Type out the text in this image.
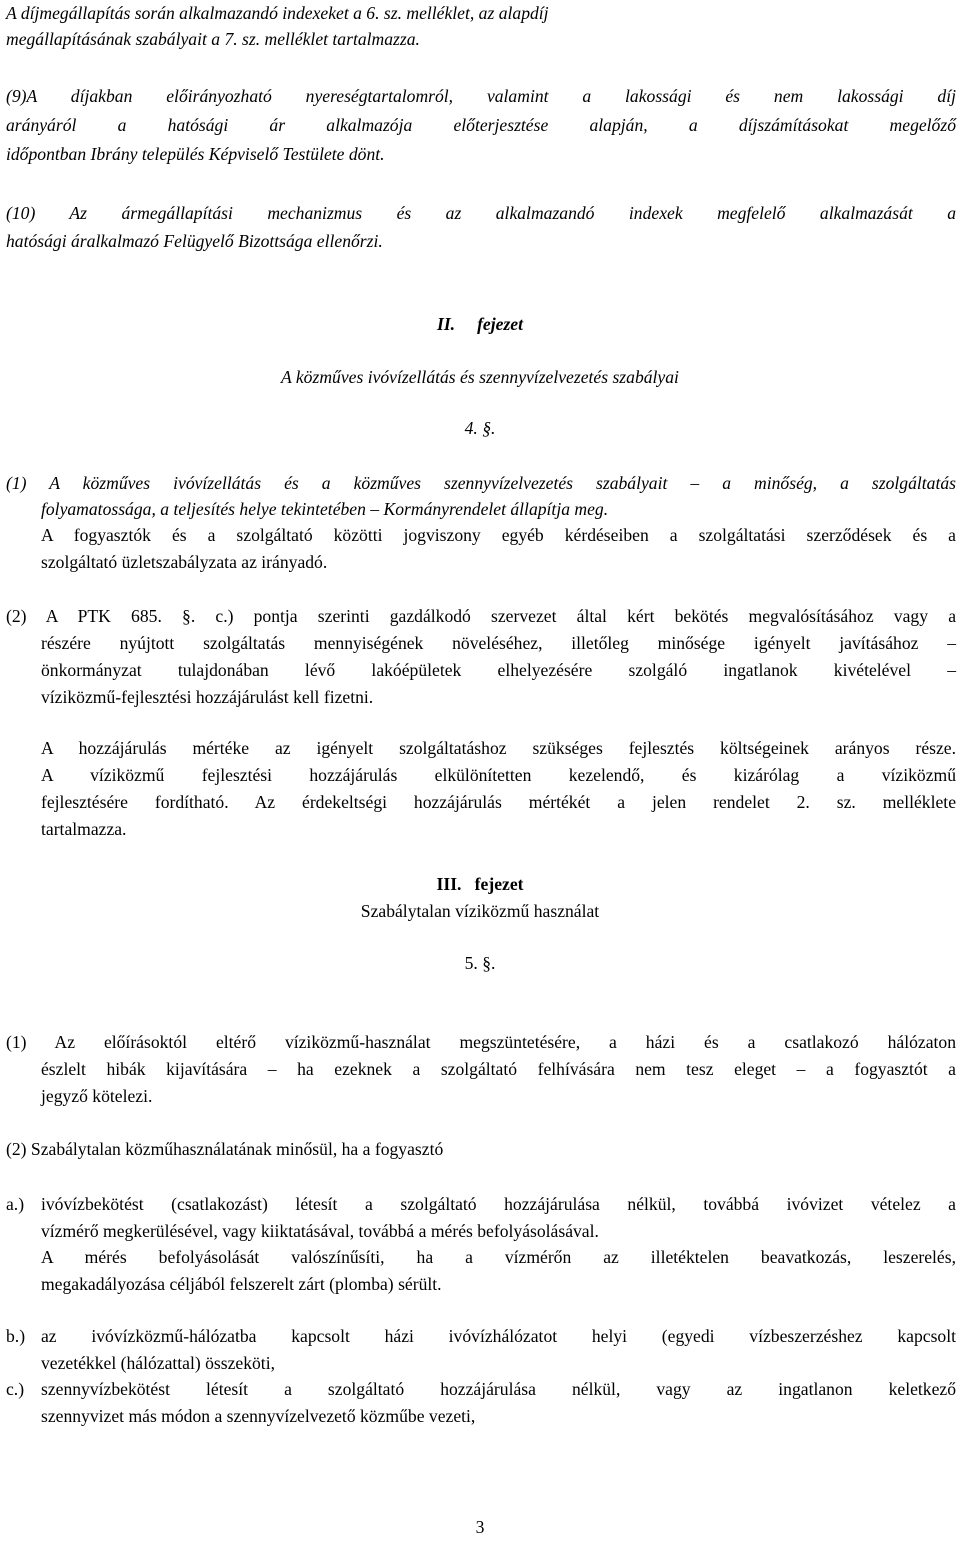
A díjmegállapítás során alkalmazandó indexeket a 6. sz. melléklet, az alapdíj
megállapításának szabályait a 7. sz. melléklet tartalmazza.
(9)A díjakban előirányozható nyereségtartalomról, valamint a lakossági és nem lakossági díj
arányáról a hatósági ár alkalmazója előterjesztése alapján, a díjszámításokat megelőző
időpontban Ibrány település Képviselő Testülete dönt.
(10) Az ármegállapítási mechanizmus és az alkalmazandó indexek megfelelő alkalmazását a
hatósági áralkalmazó Felügyelő Bizottsága ellenőrzi.

II. fejezet

A közműves ivóvízellátás és szennyvízelvezetés szabályai

4. §.

(1) A közműves ivóvízellátás és a közműves szennyvízelvezetés szabályait – a minőség, a szolgáltatás
folyamatossága, a teljesítés helye tekintetében – Kormányrendelet állapítja meg.
A fogyasztók és a szolgáltató közötti jogviszony egyéb kérdéseiben a szolgáltatási szerződések és a
szolgáltató üzletszabályzata az irányadó.
(2) A PTK 685. §. c.) pontja szerinti gazdálkodó szervezet által kért bekötés megvalósításához vagy a
részére nyújtott szolgáltatás mennyiségének növeléséhez, illetőleg minősége igényelt javításához –
önkormányzat tulajdonában lévő lakóépületek elhelyezésére szolgáló ingatlanok kivételével –
víziközmű-fejlesztési hozzájárulást kell fizetni.
A hozzájárulás mértéke az igényelt szolgáltatáshoz szükséges fejlesztés költségeinek arányos része.
A víziközmű fejlesztési hozzájárulás elkülönítetten kezelendő, és kizárólag a víziközmű
fejlesztésére fordítható. Az érdekeltségi hozzájárulás mértékét a jelen rendelet 2. sz. melléklete
tartalmazza.

III. fejezet

Szabálytalan víziközmű használat

5. §.

(1) Az előírásoktól eltérő víziközmű-használat megszüntetésére, a házi és a csatlakozó hálózaton
észlelt hibák kijavítására – ha ezeknek a szolgáltató felhívására nem tesz eleget – a fogyasztót a
jegyző kötelezi.
(2) Szabálytalan közműhasználatának minősül, ha a fogyasztó

a.) ivóvízbekötést (csatlakozást) létesít a szolgáltató hozzájárulása nélkül, továbbá ivóvizet vételez a
vízmérő megkerülésével, vagy kiiktatásával, továbbá a mérés befolyásolásával.
A mérés befolyásolását valószínűsíti, ha a vízmérőn az illetéktelen beavatkozás, leszerelés,
megakadályozása céljából felszerelt zárt (plomba) sérült.

b.) az ivóvízközmű-hálózatba kapcsolt házi ivóvízhálózatot helyi (egyedi vízbeszerzéshez kapcsolt
vezetékkel (hálózattal) összeköti,

c.) szennyvízbekötést létesít a szolgáltató hozzájárulása nélkül, vagy az ingatlanon keletkező
szennyvizet más módon a szennyvízelvezető közműbe vezeti,

3
